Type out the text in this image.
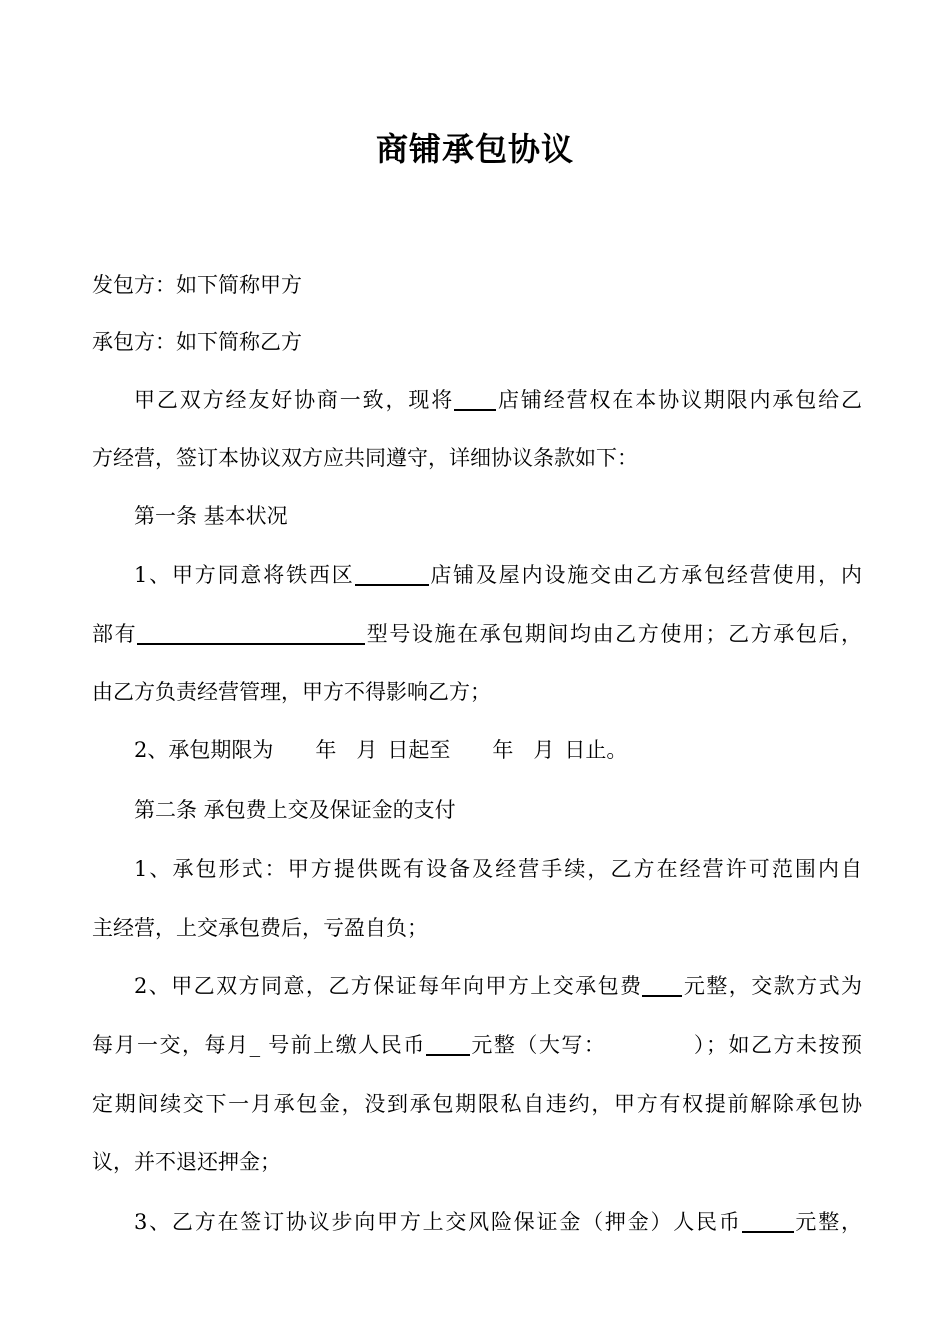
商铺承包协议
发包方：如下简称甲方
承包方：如下简称乙方
甲乙双方经友好协商一致，现将 店铺经营权在本协议期限内承包给乙
方经营，签订本协议双方应共同遵守，详细协议条款如下：
第一条 基本状况
1、甲方同意将铁西区	店铺及屋内设施交由乙方承包经营使用，内
部有	型号设施在承包期间均由乙方使用；乙方承包后，
由乙方负责经营管理，甲方不得影响乙方；
2、承包期限为 年 月 日起至 年 月 日止。
第二条 承包费上交及保证金的支付
1、承包形式：甲方提供既有设备及经营手续，乙方在经营许可范围内自
主经营，上交承包费后，亏盈自负；
2、甲乙双方同意，乙方保证每年向甲方上交承包费 元整，交款方式为
每月一交，每月_ 号前上缴人民币 元整（大写：	）；如乙方未按预
定期间续交下一月承包金，没到承包期限私自违约，甲方有权提前解除承包协
议，并不退还押金；
3、乙方在签订协议步向甲方上交风险保证金（押金）人民币 元整，
